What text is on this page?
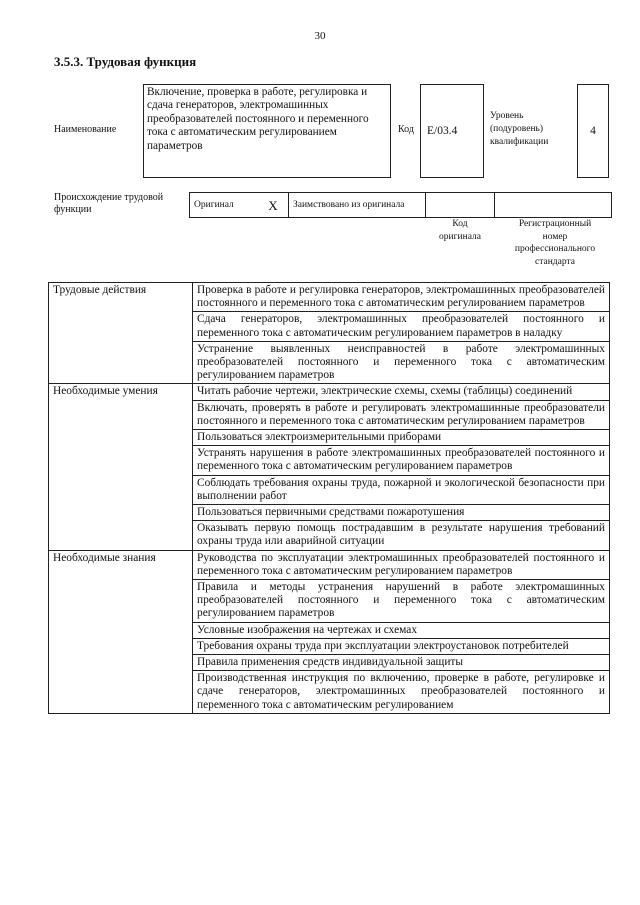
30
3.5.3. Трудовая функция
Наименование
Включение, проверка в работе, регулировка и сдача генераторов, электромашинных преобразователей постоянного и переменного тока с автоматическим регулированием параметров
Код	E/03.4
Уровень
(подуровень)
квалификации
4
Происхождение трудовой
функции	Оригинал	X	Заимствовано из оригинала		
Код
оригинала
Регистрационный
номер
профессионального
стандарта
Трудовые действия	Проверка в работе и регулировка генераторов, электромашинных преобразователей постоянного и переменного тока с автоматическим регулированием параметров
	Сдача генераторов, электромашинных преобразователей постоянного и переменного тока с автоматическим регулированием параметров в наладку
	Устранение выявленных неисправностей в работе электромашинных преобразователей постоянного и переменного тока с автоматическим регулированием параметров
Необходимые умения	Читать рабочие чертежи, электрические схемы, схемы (таблицы) соединений
	Включать, проверять в работе и регулировать электромашинные преобразователи постоянного и переменного тока с автоматическим регулированием параметров
	Пользоваться электроизмерительными приборами
	Устранять нарушения в работе электромашинных преобразователей постоянного и переменного тока с автоматическим регулированием параметров
	Соблюдать требования охраны труда, пожарной и экологической безопасности при выполнении работ
	Пользоваться первичными средствами пожаротушения
	Оказывать первую помощь пострадавшим в результате нарушения требований охраны труда или аварийной ситуации
Необходимые знания	Руководства по эксплуатации электромашинных преобразователей постоянного и переменного тока с автоматическим регулированием параметров
	Правила и методы устранения нарушений в работе электромашинных преобразователей постоянного и переменного тока с автоматическим регулированием параметров
	Условные изображения на чертежах и схемах
	Требования охраны труда при эксплуатации электроустановок потребителей
	Правила применения средств индивидуальной защиты
	Производственная инструкция по включению, проверке в работе, регулировке и сдаче генераторов, электромашинных преобразователей постоянного и переменного тока с автоматическим регулированием
